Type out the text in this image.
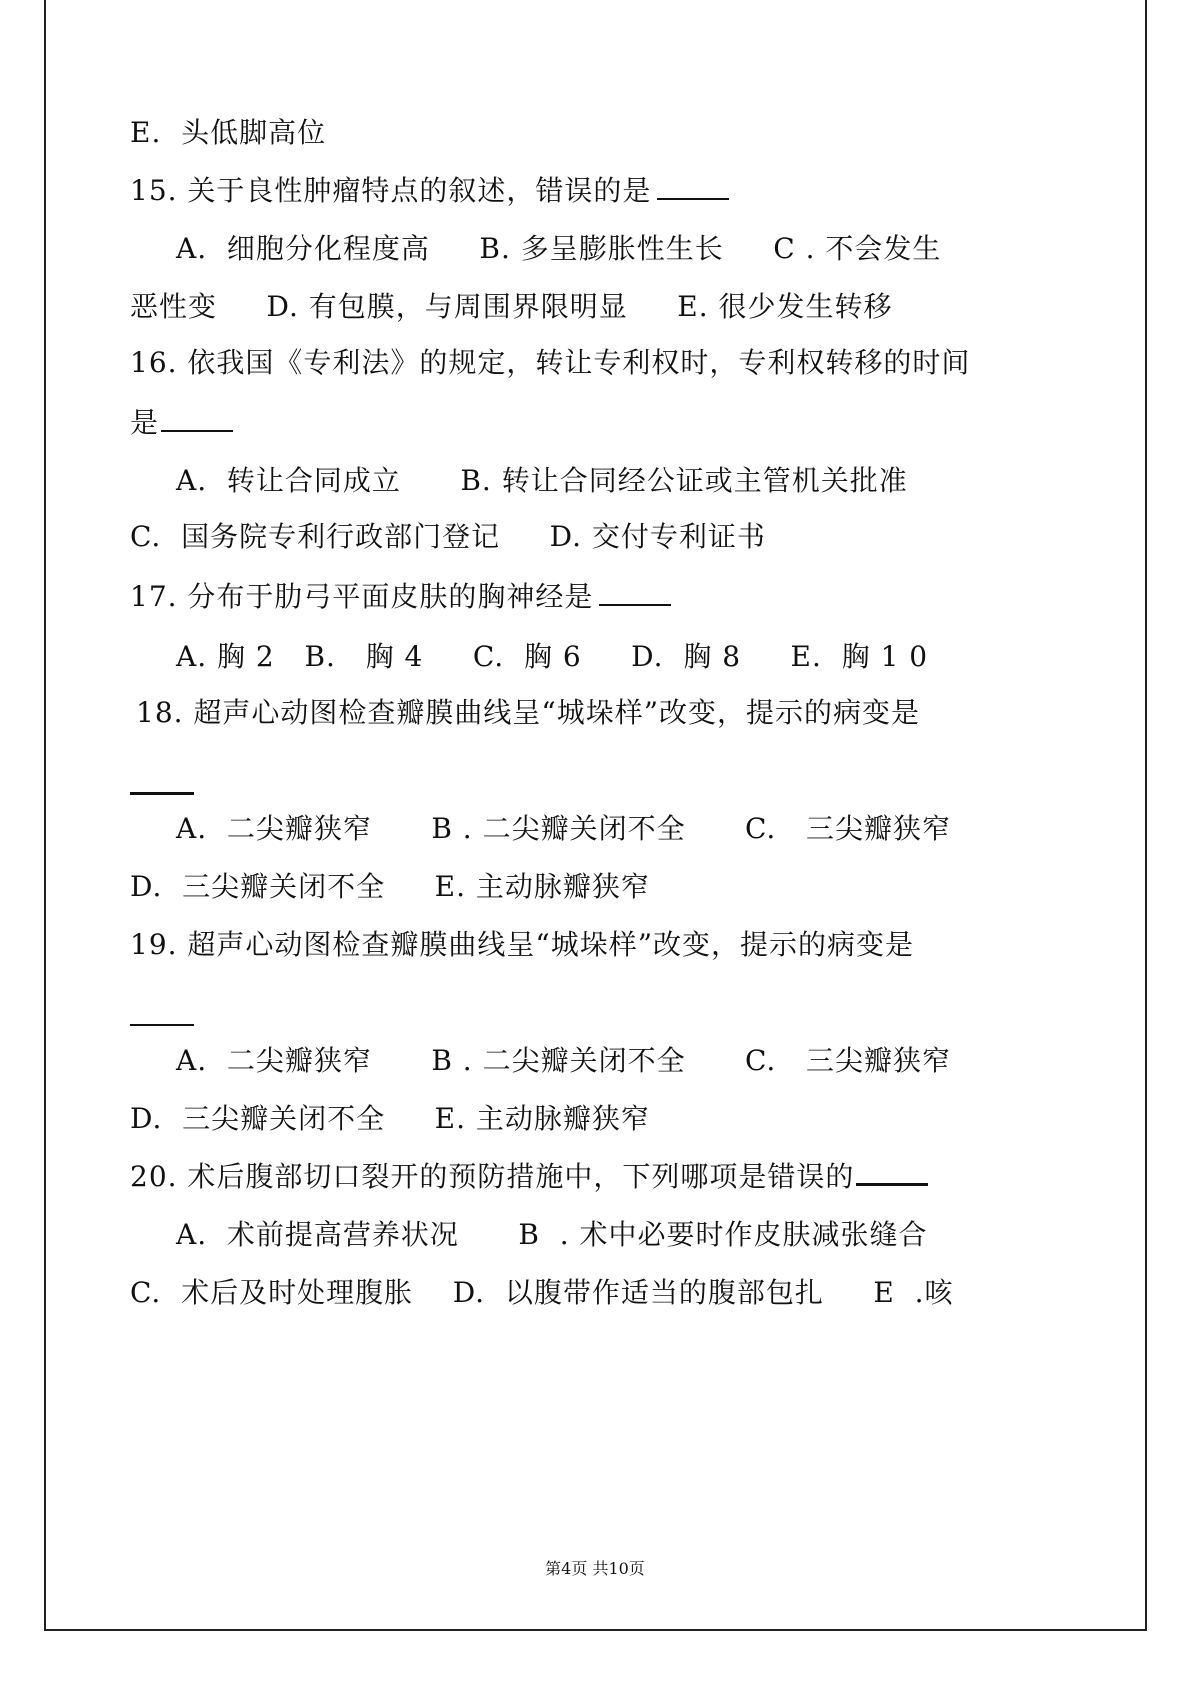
E.  头低脚高位
15. 关于良性肿瘤特点的叙述，错误的是
A.  细胞分化程度高     B. 多呈膨胀性生长     C . 不会发生
恶性变     D. 有包膜，与周围界限明显     E. 很少发生转移
16. 依我国《专利法》的规定，转让专利权时，专利权转移的时间
是
A.  转让合同成立      B. 转让合同经公证或主管机关批准
C.  国务院专利行政部门登记     D. 交付专利证书
17. 分布于肋弓平面皮肤的胸神经是
A. 胸 2   B.   胸 4     C.  胸 6     D.  胸 8     E.  胸 1 0
18. 超声心动图检查瓣膜曲线呈“城垛样”改变，提示的病变是
A.  二尖瓣狭窄      B . 二尖瓣关闭不全      C.   三尖瓣狭窄
D.  三尖瓣关闭不全     E. 主动脉瓣狭窄
19. 超声心动图检查瓣膜曲线呈“城垛样”改变，提示的病变是
A.  二尖瓣狭窄      B . 二尖瓣关闭不全      C.   三尖瓣狭窄
D.  三尖瓣关闭不全     E. 主动脉瓣狭窄
20. 术后腹部切口裂开的预防措施中，下列哪项是错误的
A.  术前提高营养状况      B  . 术中必要时作皮肤减张缝合
C.  术后及时处理腹胀    D.  以腹带作适当的腹部包扎     E  .咳
第4页 共10页
